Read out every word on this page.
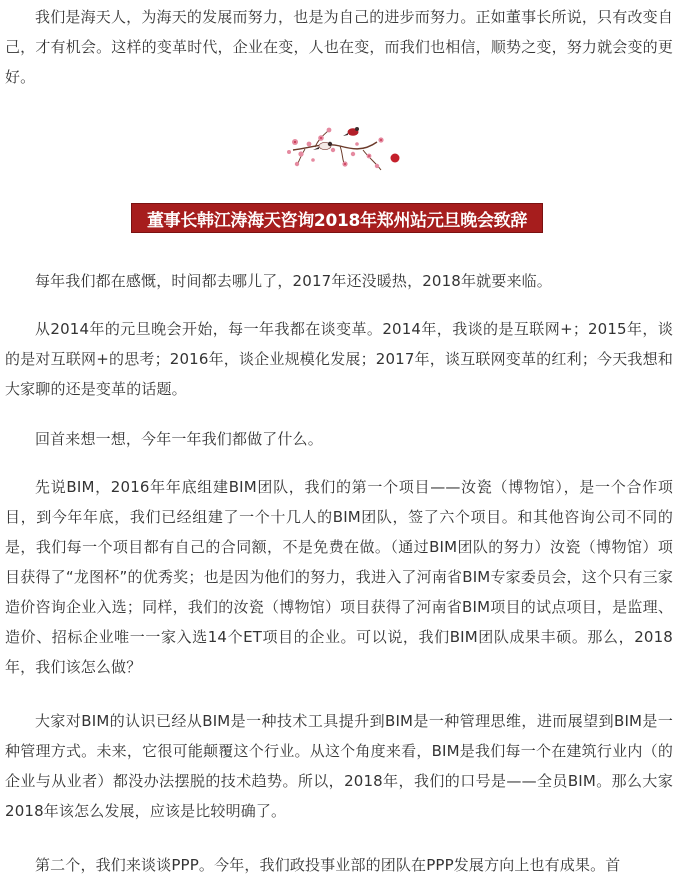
我们是海天人，为海天的发展而努力，也是为自己的进步而努力。正如董事长所说，只有改变自己，才有机会。这样的变革时代，企业在变，人也在变，而我们也相信，顺势之变，努力就会变的更好。

董事长韩江涛海天咨询2018年郑州站元旦晚会致辞

每年我们都在感慨，时间都去哪儿了，2017年还没暖热，2018年就要来临。

从2014年的元旦晚会开始，每一年我都在谈变革。2014年，我谈的是互联网+；2015年，谈的是对互联网+的思考；2016年，谈企业规模化发展；2017年，谈互联网变革的红利；今天我想和大家聊的还是变革的话题。

回首来想一想，今年一年我们都做了什么。

先说BIM，2016年年底组建BIM团队，我们的第一个项目——汝瓷（博物馆），是一个合作项目，到今年年底，我们已经组建了一个十几人的BIM团队，签了六个项目。和其他咨询公司不同的是，我们每一个项目都有自己的合同额，不是免费在做。（通过BIM团队的努力）汝瓷（博物馆）项目获得了“龙图杯”的优秀奖；也是因为他们的努力，我进入了河南省BIM专家委员会，这个只有三家造价咨询企业入选；同样，我们的汝瓷（博物馆）项目获得了河南省BIM项目的试点项目，是监理、造价、招标企业唯一一家入选14个ET项目的企业。可以说，我们BIM团队成果丰硕。那么，2018年，我们该怎么做？

大家对BIM的认识已经从BIM是一种技术工具提升到BIM是一种管理思维，进而展望到BIM是一种管理方式。未来，它很可能颠覆这个行业。从这个角度来看，BIM是我们每一个在建筑行业内（的企业与从业者）都没办法摆脱的技术趋势。所以，2018年，我们的口号是——全员BIM。那么大家2018年该怎么发展，应该是比较明确了。

第二个，我们来谈谈PPP。今年，我们政投事业部的团队在PPP发展方向上也有成果。首
